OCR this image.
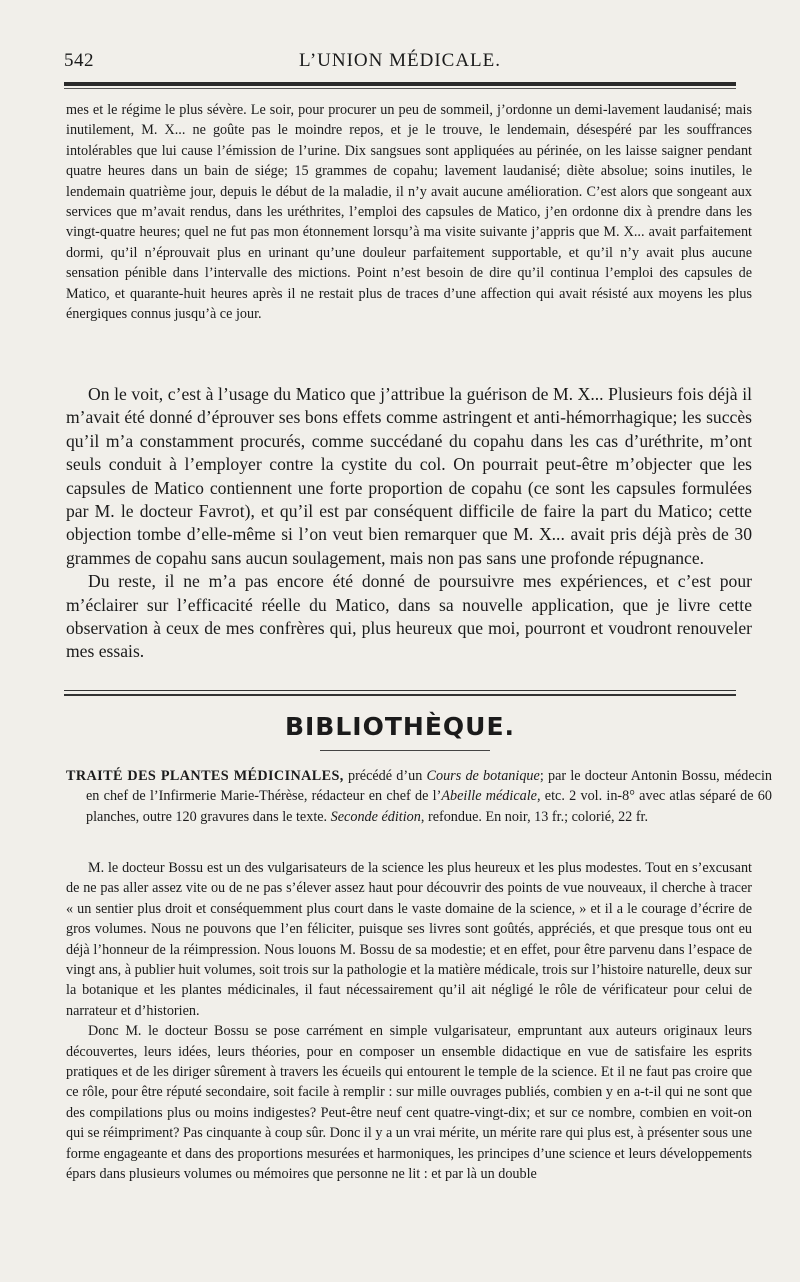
542	L’UNION MÉDICALE.

mes et le régime le plus sévère. Le soir, pour procurer un peu de sommeil, j’ordonne un demi-lavement laudanisé; mais inutilement, M. X... ne goûte pas le moindre repos, et je le trouve, le lendemain, désespéré par les souffrances intolérables que lui cause l’émission de l’urine. Dix sangsues sont appliquées au périnée, on les laisse saigner pendant quatre heures dans un bain de siége; 15 grammes de copahu; lavement laudanisé; diète absolue; soins inutiles, le lendemain quatrième jour, depuis le début de la maladie, il n’y avait aucune amélioration. C’est alors que songeant aux services que m’avait rendus, dans les uréthrites, l’emploi des capsules de Matico, j’en ordonne dix à prendre dans les vingt-quatre heures; quel ne fut pas mon étonnement lorsqu’à ma visite suivante j’appris que M. X... avait parfaitement dormi, qu’il n’éprouvait plus en urinant qu’une douleur parfaitement supportable, et qu’il n’y avait plus aucune sensation pénible dans l’intervalle des mictions. Point n’est besoin de dire qu’il continua l’emploi des capsules de Matico, et quarante-huit heures après il ne restait plus de traces d’une affection qui avait résisté aux moyens les plus énergiques connus jusqu’à ce jour.

On le voit, c’est à l’usage du Matico que j’attribue la guérison de M. X... Plusieurs fois déjà il m’avait été donné d’éprouver ses bons effets comme astringent et anti-hémorrhagique; les succès qu’il m’a constamment procurés, comme succédané du copahu dans les cas d’uréthrite, m’ont seuls conduit à l’employer contre la cystite du col. On pourrait peut-être m’objecter que les capsules de Matico contiennent une forte proportion de copahu (ce sont les capsules formulées par M. le docteur Favrot), et qu’il est par conséquent difficile de faire la part du Matico; cette objection tombe d’elle-même si l’on veut bien remarquer que M. X... avait pris déjà près de 30 grammes de copahu sans aucun soulagement, mais non pas sans une profonde répugnance.

Du reste, il ne m’a pas encore été donné de poursuivre mes expériences, et c’est pour m’éclairer sur l’efficacité réelle du Matico, dans sa nouvelle application, que je livre cette observation à ceux de mes confrères qui, plus heureux que moi, pourront et voudront renouveler mes essais.

BIBLIOTHÈQUE.

TRAITÉ DES PLANTES MÉDICINALES, précédé d’un Cours de botanique; par le docteur Antonin Bossu, médecin en chef de l’Infirmerie Marie-Thérèse, rédacteur en chef de l’Abeille médicale, etc. 2 vol. in-8° avec atlas séparé de 60 planches, outre 120 gravures dans le texte. Seconde édition, refondue. En noir, 13 fr.; colorié, 22 fr.

M. le docteur Bossu est un des vulgarisateurs de la science les plus heureux et les plus modestes. Tout en s’excusant de ne pas aller assez vite ou de ne pas s’élever assez haut pour découvrir des points de vue nouveaux, il cherche à tracer « un sentier plus droit et conséquemment plus court dans le vaste domaine de la science, » et il a le courage d’écrire de gros volumes. Nous ne pouvons que l’en féliciter, puisque ses livres sont goûtés, appréciés, et que presque tous ont eu déjà l’honneur de la réimpression. Nous louons M. Bossu de sa modestie; et en effet, pour être parvenu dans l’espace de vingt ans, à publier huit volumes, soit trois sur la pathologie et la matière médicale, trois sur l’histoire naturelle, deux sur la botanique et les plantes médicinales, il faut nécessairement qu’il ait négligé le rôle de vérificateur pour celui de narrateur et d’historien.

Donc M. le docteur Bossu se pose carrément en simple vulgarisateur, empruntant aux auteurs originaux leurs découvertes, leurs idées, leurs théories, pour en composer un ensemble didactique en vue de satisfaire les esprits pratiques et de les diriger sûrement à travers les écueils qui entourent le temple de la science. Et il ne faut pas croire que ce rôle, pour être réputé secondaire, soit facile à remplir : sur mille ouvrages publiés, combien y en a-t-il qui ne sont que des compilations plus ou moins indigestes? Peut-être neuf cent quatre-vingt-dix; et sur ce nombre, combien en voit-on qui se réimpriment? Pas cinquante à coup sûr. Donc il y a un vrai mérite, un mérite rare qui plus est, à présenter sous une forme engageante et dans des proportions mesurées et harmoniques, les principes d’une science et leurs développements épars dans plusieurs volumes ou mémoires que personne ne lit : et par là un double
